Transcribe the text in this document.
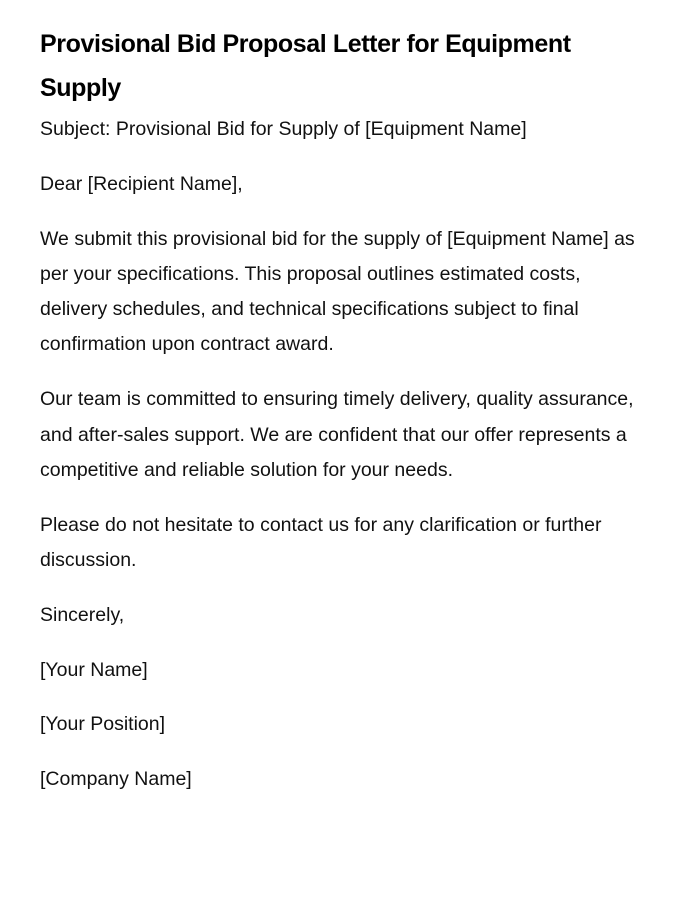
Provisional Bid Proposal Letter for Equipment Supply

Subject: Provisional Bid for Supply of [Equipment Name]

Dear [Recipient Name],

We submit this provisional bid for the supply of [Equipment Name] as per your specifications. This proposal outlines estimated costs, delivery schedules, and technical specifications subject to final confirmation upon contract award.

Our team is committed to ensuring timely delivery, quality assurance, and after-sales support. We are confident that our offer represents a competitive and reliable solution for your needs.

Please do not hesitate to contact us for any clarification or further discussion.

Sincerely,

[Your Name]

[Your Position]

[Company Name]
